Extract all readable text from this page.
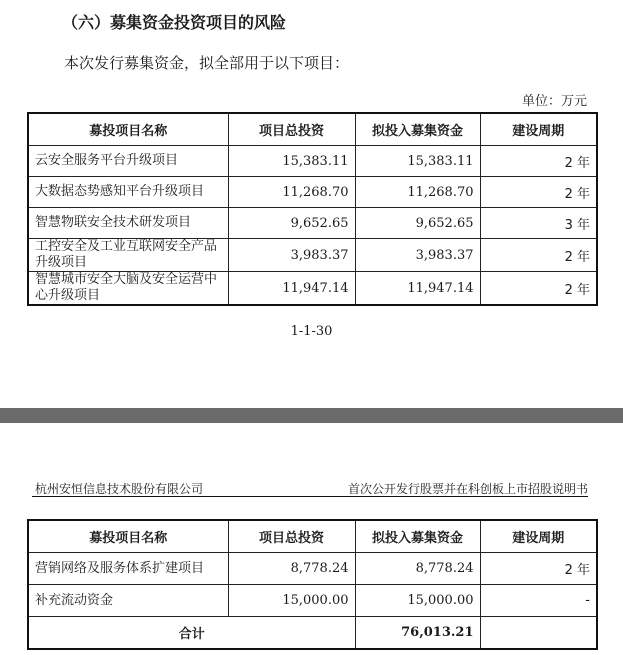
（六）募集资金投资项目的风险
本次发行募集资金，拟全部用于以下项目：
单位：万元
募投项目名称	项目总投资	拟投入募集资金	建设周期
云安全服务平台升级项目	15,383.11	15,383.11	2 年
大数据态势感知平台升级项目	11,268.70	11,268.70	2 年
智慧物联安全技术研发项目	9,652.65	9,652.65	3 年
工控安全及工业互联网安全产品升级项目	3,983.37	3,983.37	2 年
智慧城市安全大脑及安全运营中心升级项目	11,947.14	11,947.14	2 年
1-1-30
杭州安恒信息技术股份有限公司	首次公开发行股票并在科创板上市招股说明书
募投项目名称	项目总投资	拟投入募集资金	建设周期
营销网络及服务体系扩建项目	8,778.24	8,778.24	2 年
补充流动资金	15,000.00	15,000.00	-
合计		76,013.21	
